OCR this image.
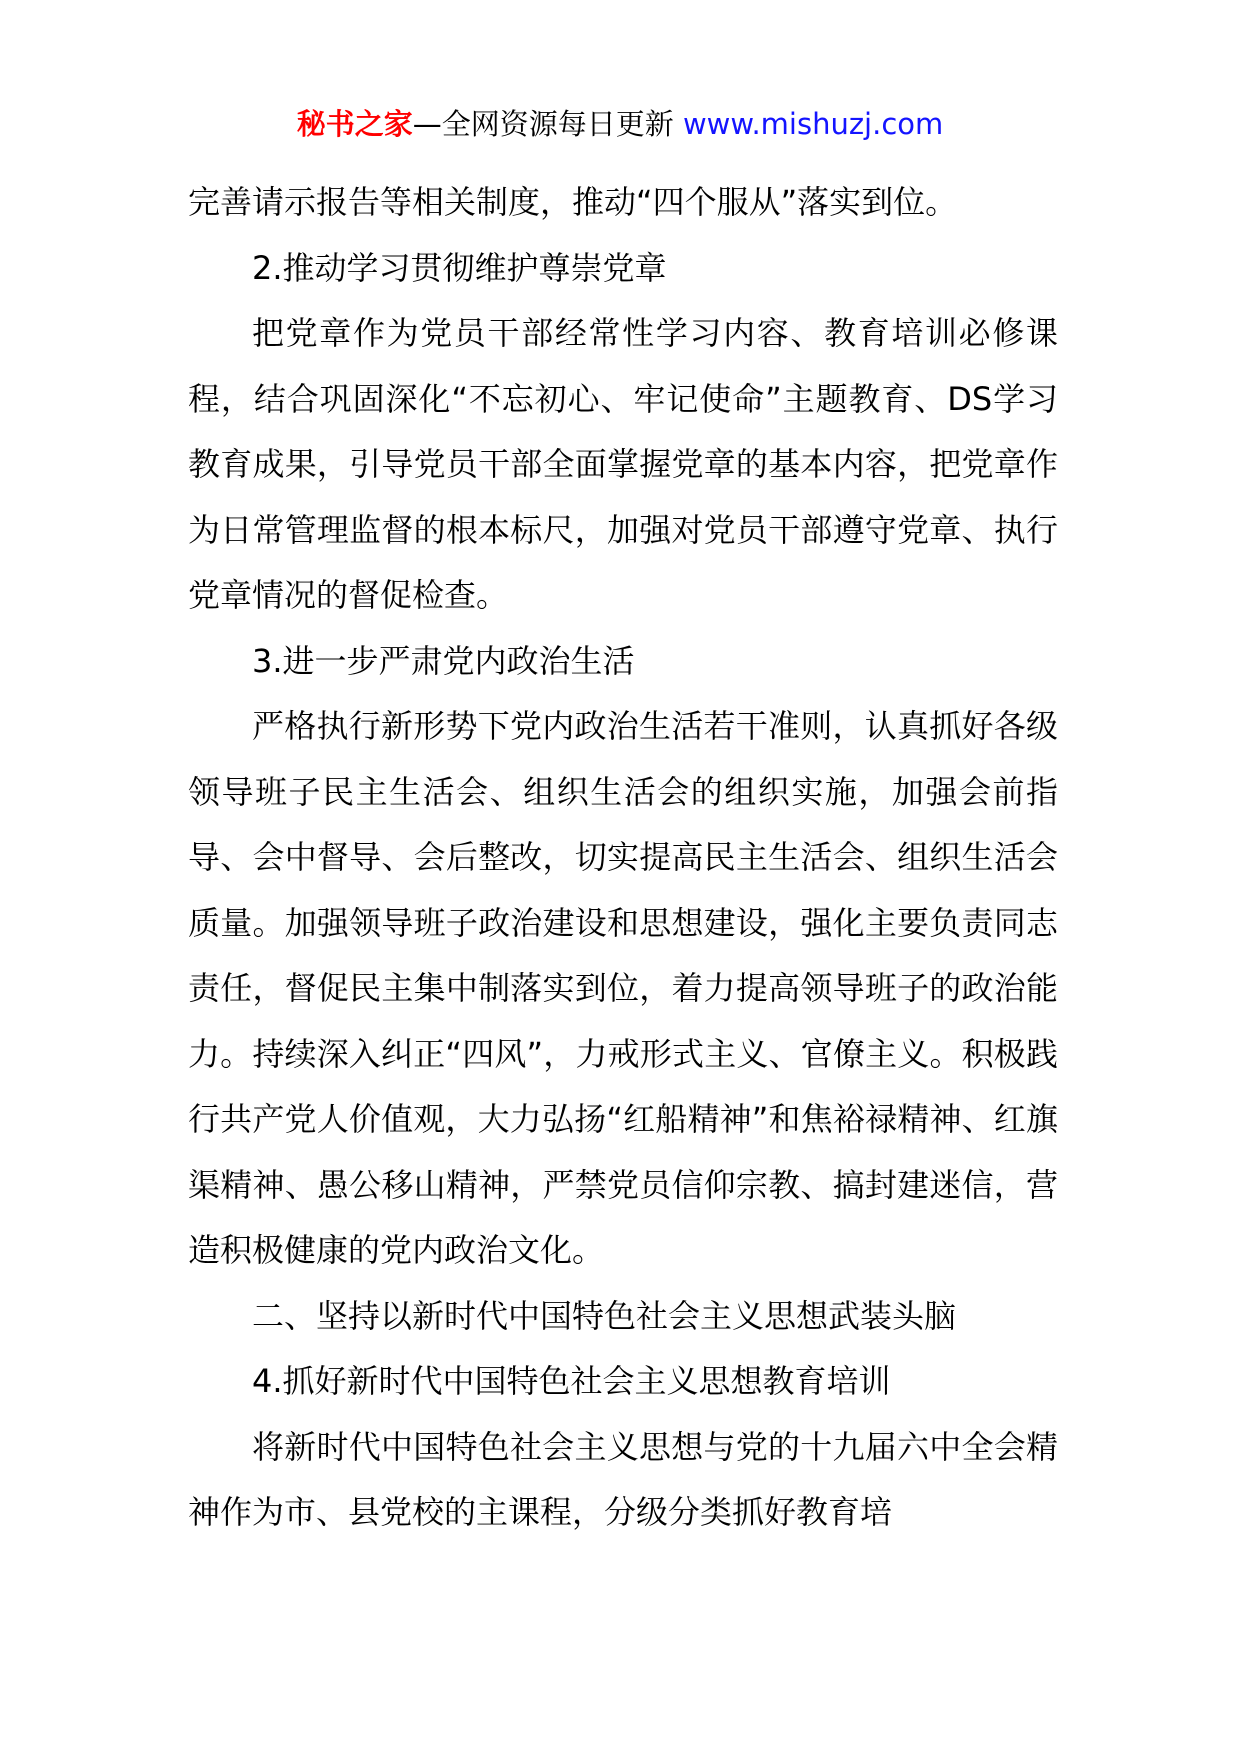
秘书之家—全网资源每日更新 www.mishuzj.com

完善请示报告等相关制度，推动“四个服从”落实到位。

2.推动学习贯彻维护尊崇党章

把党章作为党员干部经常性学习内容、教育培训必修课程，结合巩固深化“不忘初心、牢记使命”主题教育、DS学习教育成果，引导党员干部全面掌握党章的基本内容，把党章作为日常管理监督的根本标尺，加强对党员干部遵守党章、执行党章情况的督促检查。

3.进一步严肃党内政治生活

严格执行新形势下党内政治生活若干准则，认真抓好各级领导班子民主生活会、组织生活会的组织实施，加强会前指导、会中督导、会后整改，切实提高民主生活会、组织生活会质量。加强领导班子政治建设和思想建设，强化主要负责同志责任，督促民主集中制落实到位，着力提高领导班子的政治能力。持续深入纠正“四风”，力戒形式主义、官僚主义。积极践行共产党人价值观，大力弘扬“红船精神”和焦裕禄精神、红旗渠精神、愚公移山精神，严禁党员信仰宗教、搞封建迷信，营造积极健康的党内政治文化。

二、坚持以新时代中国特色社会主义思想武装头脑

4.抓好新时代中国特色社会主义思想教育培训

将新时代中国特色社会主义思想与党的十九届六中全会精神作为市、县党校的主课程，分级分类抓好教育培
